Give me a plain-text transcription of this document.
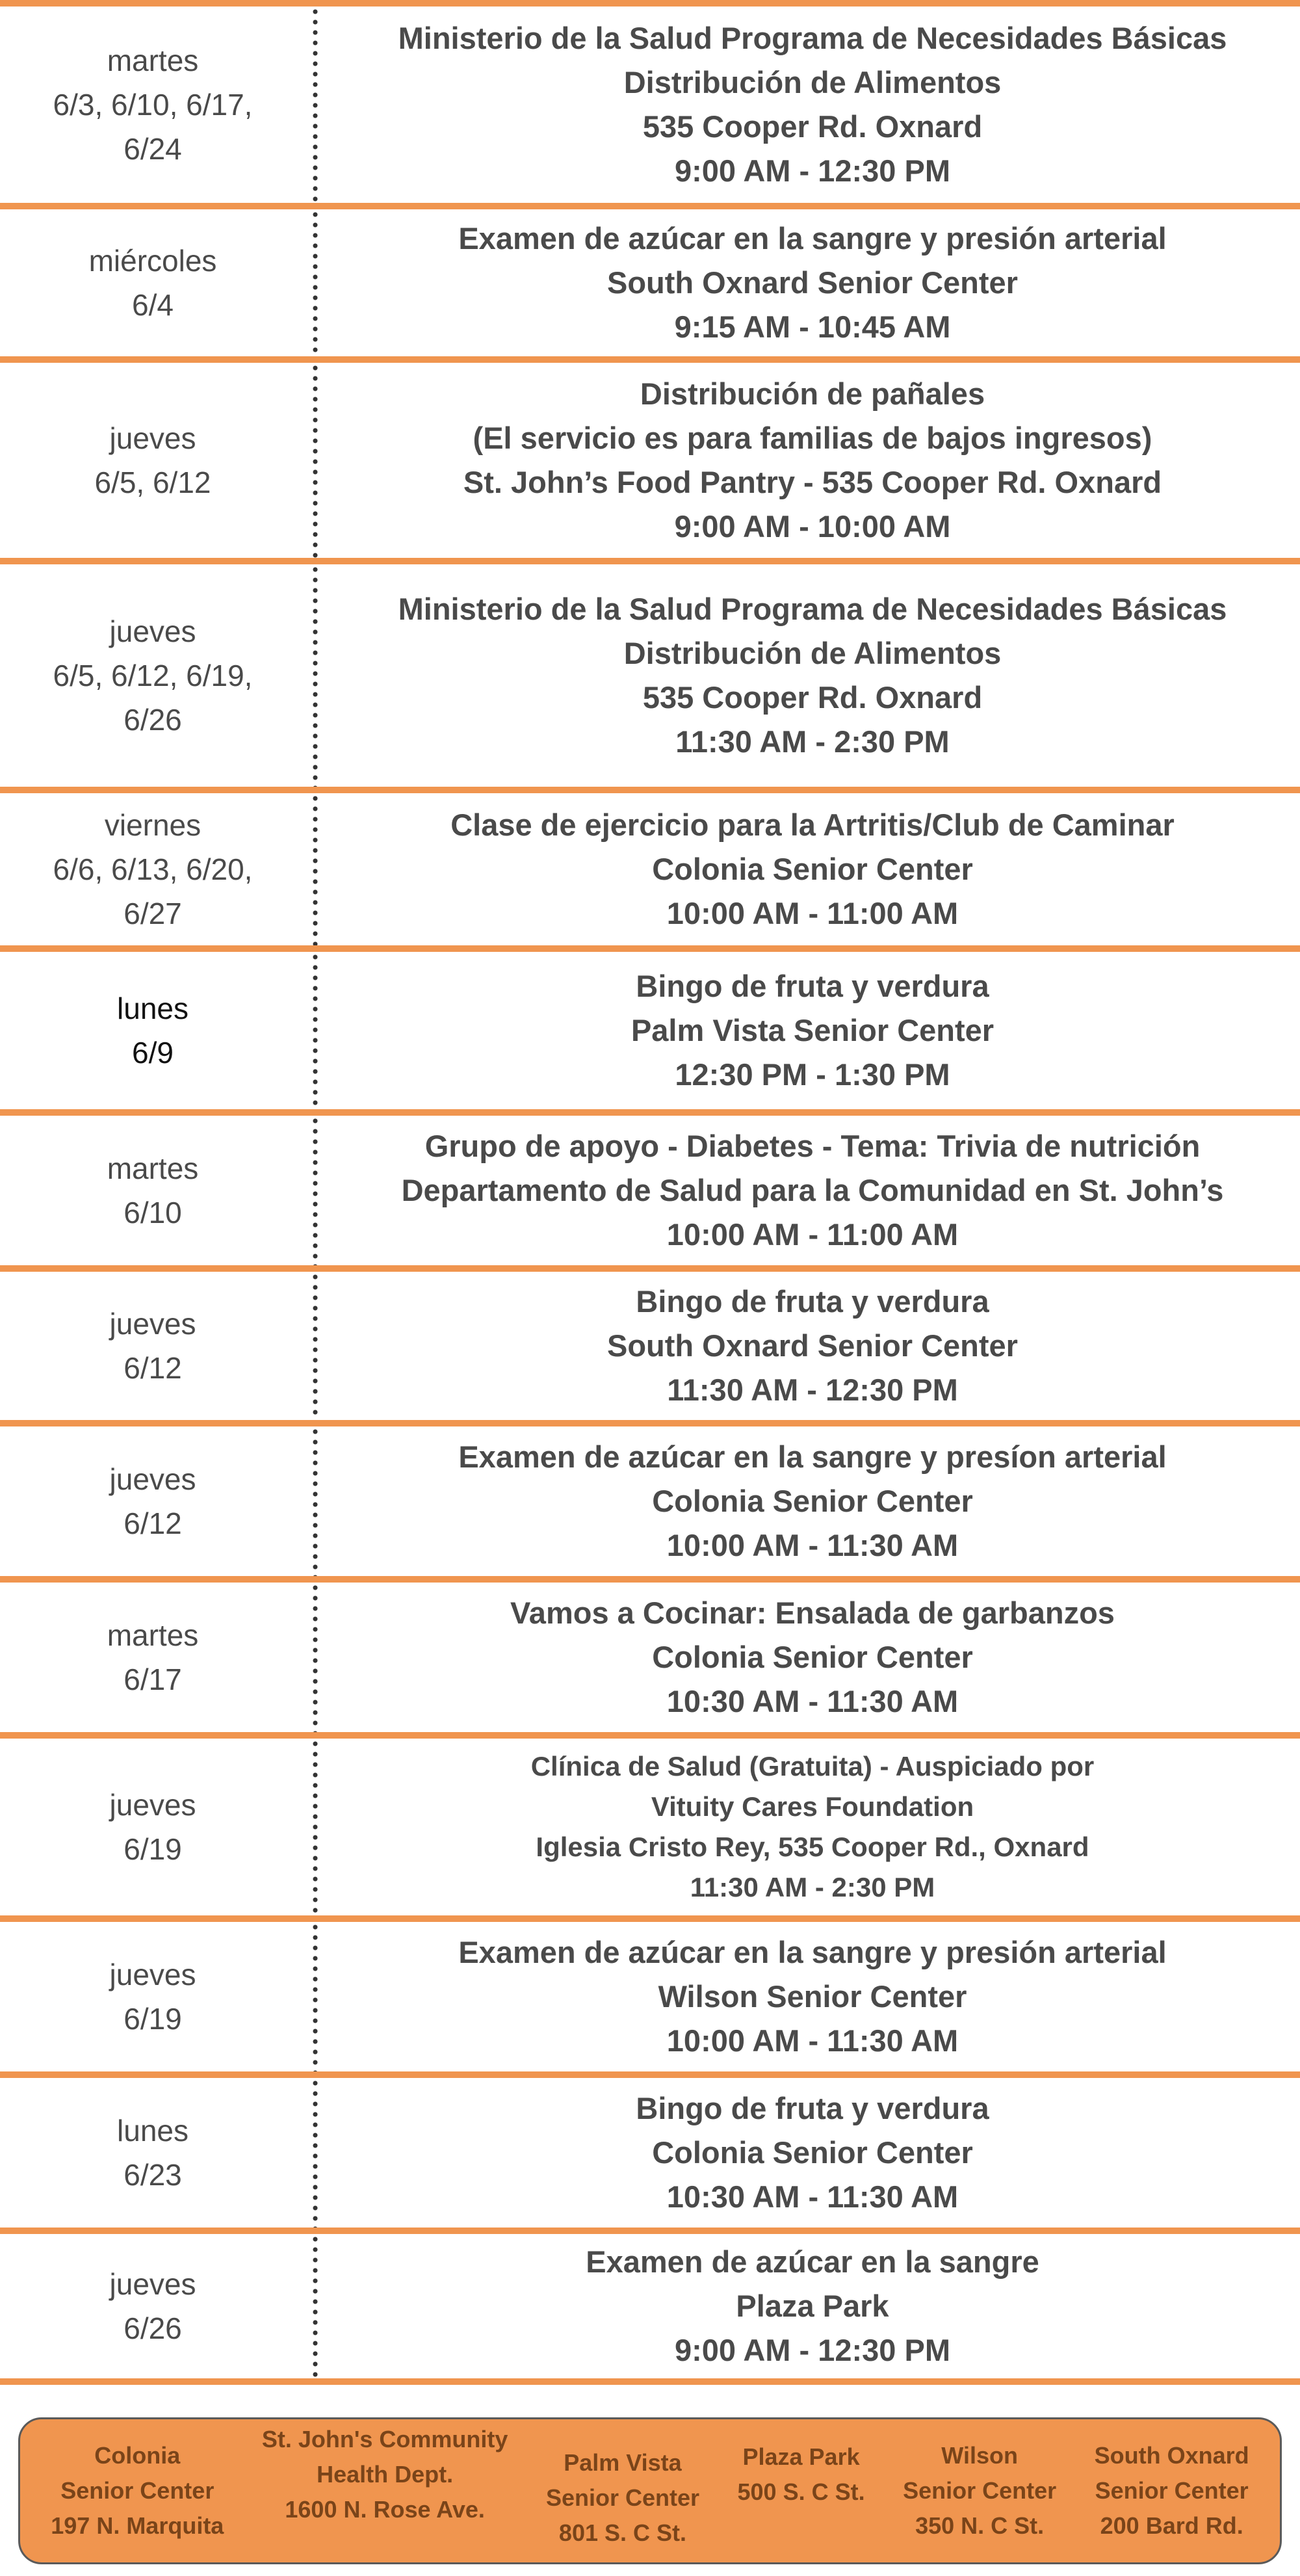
martes
6/3, 6/10, 6/17,
6/24
Ministerio de la Salud Programa de Necesidades Básicas
Distribución de Alimentos
535 Cooper Rd. Oxnard
9:00 AM - 12:30 PM
miércoles
6/4
Examen de azúcar en la sangre y presión arterial
South Oxnard Senior Center
9:15 AM - 10:45 AM
jueves
6/5, 6/12
Distribución de pañales
(El servicio es para familias de bajos ingresos)
St. John’s Food Pantry - 535 Cooper Rd. Oxnard
9:00 AM - 10:00 AM
jueves
6/5, 6/12, 6/19,
6/26
Ministerio de la Salud Programa de Necesidades Básicas
Distribución de Alimentos
535 Cooper Rd. Oxnard
11:30 AM - 2:30 PM
viernes
6/6, 6/13, 6/20,
6/27
Clase de ejercicio para la Artritis/Club de Caminar
Colonia Senior Center
10:00 AM - 11:00 AM
lunes
6/9
Bingo de fruta y verdura
Palm Vista Senior Center
12:30 PM - 1:30 PM
martes
6/10
Grupo de apoyo - Diabetes - Tema: Trivia de nutrición
Departamento de Salud para la Comunidad en St. John’s
10:00 AM - 11:00 AM
jueves
6/12
Bingo de fruta y verdura
South Oxnard Senior Center
11:30 AM - 12:30 PM
jueves
6/12
Examen de azúcar en la sangre y presíon arterial
Colonia Senior Center
10:00 AM - 11:30 AM
martes
6/17
Vamos a Cocinar: Ensalada de garbanzos
Colonia Senior Center
10:30 AM - 11:30 AM
jueves
6/19
Clínica de Salud (Gratuita) - Auspiciado por
Vituity Cares Foundation
Iglesia Cristo Rey, 535 Cooper Rd., Oxnard
11:30 AM - 2:30 PM
jueves
6/19
Examen de azúcar en la sangre y presión arterial
Wilson Senior Center
10:00 AM - 11:30 AM
lunes
6/23
Bingo de fruta y verdura
Colonia Senior Center
10:30 AM - 11:30 AM
jueves
6/26
Examen de azúcar en la sangre
Plaza Park
9:00 AM - 12:30 PM
Colonia
Senior Center
197 N. Marquita
St. John's Community
Health Dept.
1600 N. Rose Ave.
Palm Vista
Senior Center
801 S. C St.
Plaza Park
500 S. C St.
Wilson
Senior Center
350 N. C St.
South Oxnard
Senior Center
200 Bard Rd.
